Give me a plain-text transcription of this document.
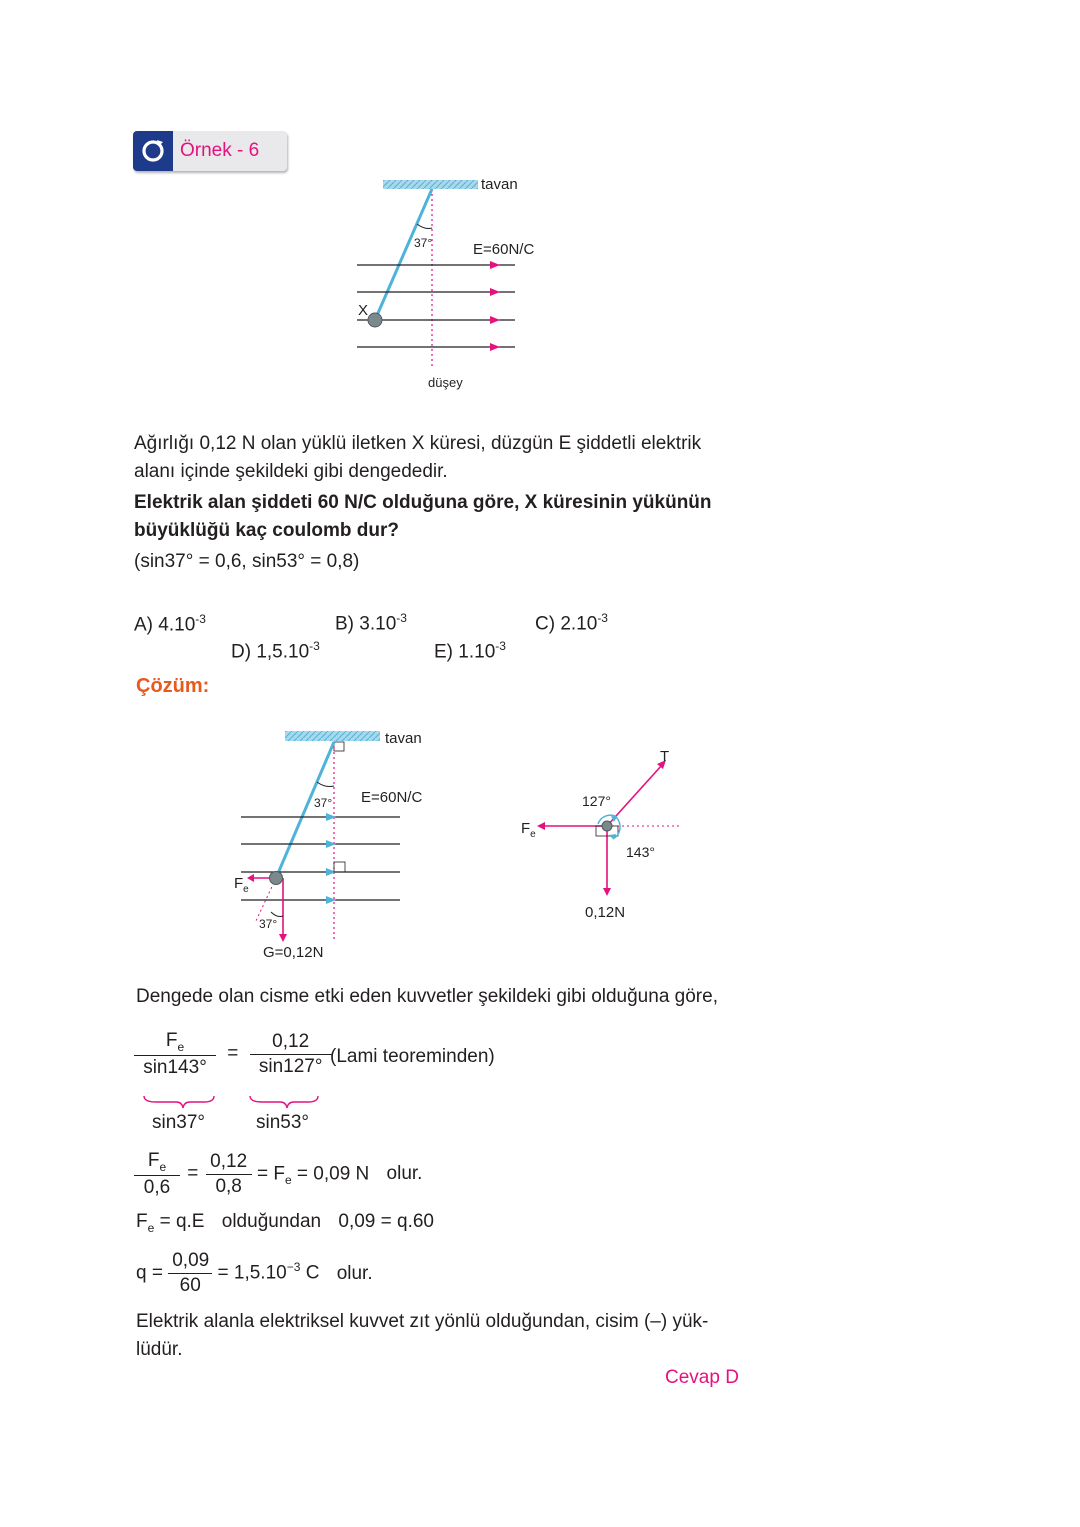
Örnek - 6
tavan
37°	E=60N/C
X
düşey
Ağırlığı 0,12 N olan yüklü iletken X küresi, düzgün E şiddetli elektrik
alanı içinde şekildeki gibi dengededir.
Elektrik alan şiddeti 60 N/C olduğuna göre, X küresinin yükünün
büyüklüğü kaç coulomb dur?
(sin37° = 0,6, sin53° = 0,8)
A) $4.10^{-3}$	B) $3.10^{-3}$	C) $2.10^{-3}$
D) $1,5.10^{-3}$	E) $1.10^{-3}$
Çözüm:
tavan
37° E=60N/C
$F_e$
37°
G=0,12N
T
$F_e$
127°
143°
0,12N
Dengede olan cisme etki eden kuvvetler şekildeki gibi olduğuna göre,
$\frac{F_e}{\sin 143^\circ} = \frac{0,12}{\sin 127^\circ}$
(Lami teoreminden)
sin37°	sin53°
$\frac{F_e}{0,6} = \frac{0,12}{0,8} = F_e = 0,09$ N olur.
$F_e = q.E$ olduğundan 0,09 = q.60
$q = \frac{0,09}{60} = 1,5.10^{-3}$ C olur.
Elektrik alanla elektriksel kuvvet zıt yönlü olduğundan, cisim (–) yük-
lüdür.
Cevap D
